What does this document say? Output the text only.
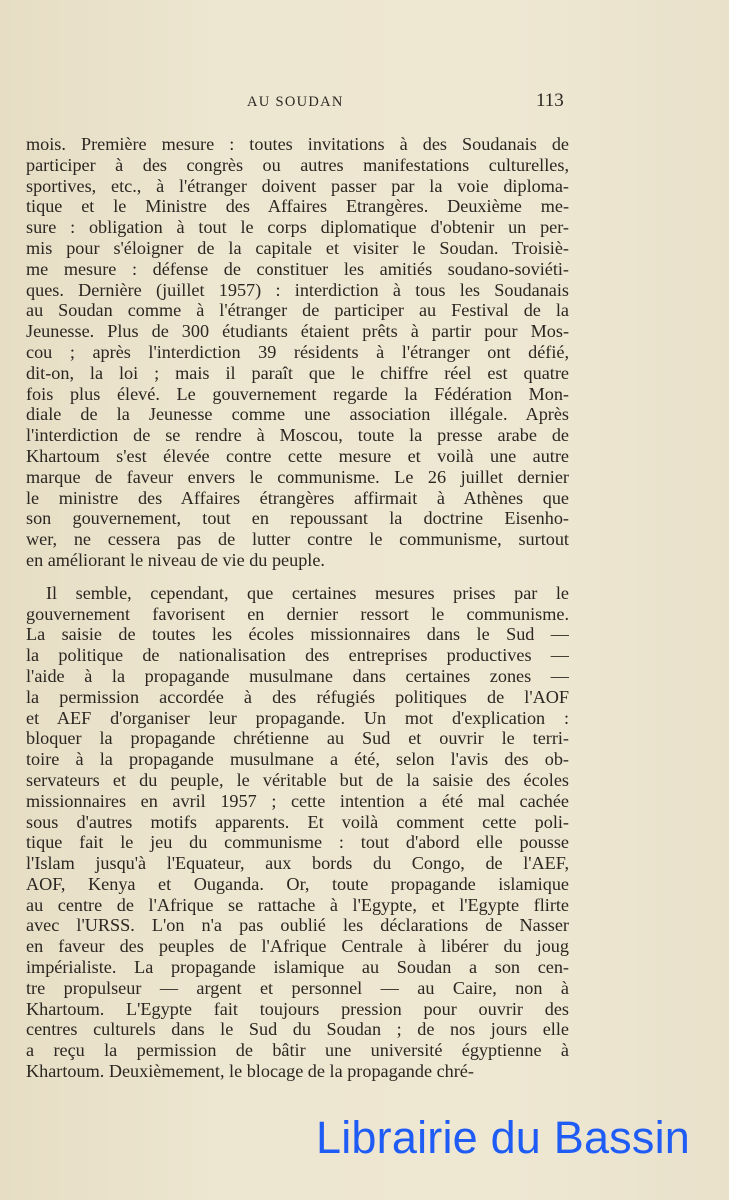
AU SOUDAN	113
mois. Première mesure : toutes invitations à des Soudanais de
participer à des congrès ou autres manifestations culturelles,
sportives, etc., à l'étranger doivent passer par la voie diploma-
tique et le Ministre des Affaires Etrangères. Deuxième me-
sure : obligation à tout le corps diplomatique d'obtenir un per-
mis pour s'éloigner de la capitale et visiter le Soudan. Troisiè-
me mesure : défense de constituer les amitiés soudano-soviéti-
ques. Dernière (juillet 1957) : interdiction à tous les Soudanais
au Soudan comme à l'étranger de participer au Festival de la
Jeunesse. Plus de 300 étudiants étaient prêts à partir pour Mos-
cou ; après l'interdiction 39 résidents à l'étranger ont défié,
dit-on, la loi ; mais il paraît que le chiffre réel est quatre
fois plus élevé. Le gouvernement regarde la Fédération Mon-
diale de la Jeunesse comme une association illégale. Après
l'interdiction de se rendre à Moscou, toute la presse arabe de
Khartoum s'est élevée contre cette mesure et voilà une autre
marque de faveur envers le communisme. Le 26 juillet dernier
le ministre des Affaires étrangères affirmait à Athènes que
son gouvernement, tout en repoussant la doctrine Eisenho-
wer, ne cessera pas de lutter contre le communisme, surtout
en améliorant le niveau de vie du peuple.
Il semble, cependant, que certaines mesures prises par le
gouvernement favorisent en dernier ressort le communisme.
La saisie de toutes les écoles missionnaires dans le Sud —
la politique de nationalisation des entreprises productives —
l'aide à la propagande musulmane dans certaines zones —
la permission accordée à des réfugiés politiques de l'AOF
et AEF d'organiser leur propagande. Un mot d'explication :
bloquer la propagande chrétienne au Sud et ouvrir le terri-
toire à la propagande musulmane a été, selon l'avis des ob-
servateurs et du peuple, le véritable but de la saisie des écoles
missionnaires en avril 1957 ; cette intention a été mal cachée
sous d'autres motifs apparents. Et voilà comment cette poli-
tique fait le jeu du communisme : tout d'abord elle pousse
l'Islam jusqu'à l'Equateur, aux bords du Congo, de l'AEF,
AOF, Kenya et Ouganda. Or, toute propagande islamique
au centre de l'Afrique se rattache à l'Egypte, et l'Egypte flirte
avec l'URSS. L'on n'a pas oublié les déclarations de Nasser
en faveur des peuples de l'Afrique Centrale à libérer du joug
impérialiste. La propagande islamique au Soudan a son cen-
tre propulseur — argent et personnel — au Caire, non à
Khartoum. L'Egypte fait toujours pression pour ouvrir des
centres culturels dans le Sud du Soudan ; de nos jours elle
a reçu la permission de bâtir une université égyptienne à
Khartoum. Deuxièmement, le blocage de la propagande chré-
Librairie du Bassin
